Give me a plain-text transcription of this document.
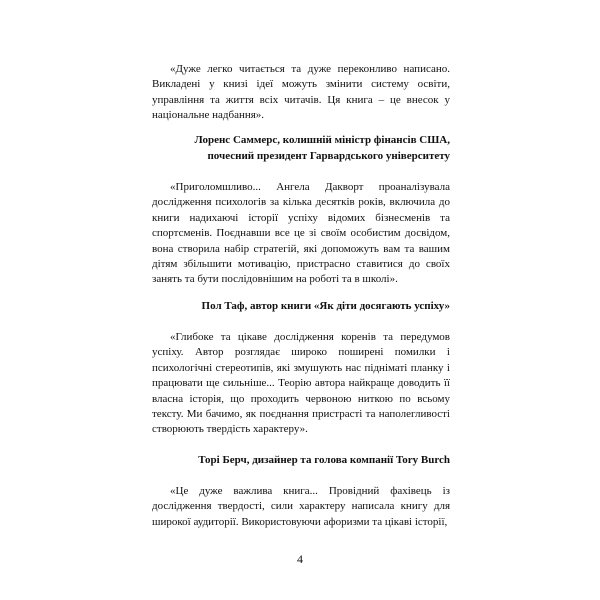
«Дуже легко читається та дуже переконливо написано. Викладені у книзі ідеї можуть змінити систему освіти, управління та життя всіх читачів. Ця книга – це внесок у національне надбання».

Лоренс Саммерс, колишній міністр фінансів США,
почесний президент Гарвардського університету

«Приголомшливо... Ангела Дакворт проаналізувала дослідження психологів за кілька десятків років, включила до книги надихаючі історії успіху відомих бізнесменів та спортсменів. Поєднавши все це зі своїм особистим досвідом, вона створила набір стратегій, які допоможуть вам та вашим дітям збільшити мотивацію, пристрасно ставитися до своїх занять та бути послідовнішим на роботі та в школі».

Пол Таф, автор книги «Як діти досягають успіху»

«Глибоке та цікаве дослідження коренів та передумов успіху. Автор розглядає широко поширені помилки і психологічні стереотипів, які змушують нас підніматі планку і працювати ще сильніше... Теорію автора найкраще доводить її власна історія, що проходить червоною ниткою по всьому тексту. Ми бачимо, як поєднання пристрасті та наполегливості створюють твердість характеру».

Торі Берч, дизайнер та голова компанії Tory Burch

«Це дуже важлива книга... Провідний фахівець із дослідження твердості, сили характеру написала книгу для широкої аудиторії. Використовуючи афоризми та цікаві історії,

4
